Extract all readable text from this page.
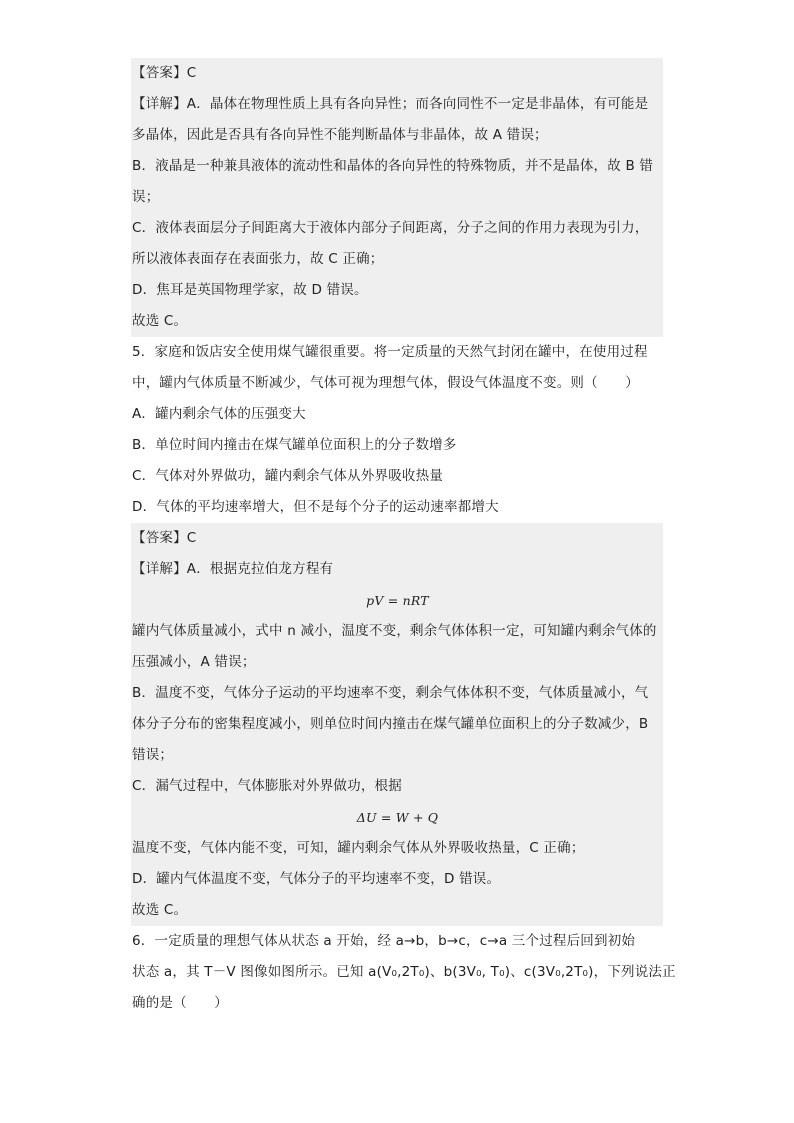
【答案】C
【详解】A．晶体在物理性质上具有各向异性；而各向同性不一定是非晶体，有可能是
多晶体，因此是否具有各向异性不能判断晶体与非晶体，故 A 错误；
B．液晶是一种兼具液体的流动性和晶体的各向异性的特殊物质，并不是晶体，故 B 错
误；
C．液体表面层分子间距离大于液体内部分子间距离，分子之间的作用力表现为引力，
所以液体表面存在表面张力，故 C 正确；
D．焦耳是英国物理学家，故 D 错误。
故选 C。
5．家庭和饭店安全使用煤气罐很重要。将一定质量的天然气封闭在罐中，在使用过程
中，罐内气体质量不断减少，气体可视为理想气体，假设气体温度不变。则（　　）
A．罐内剩余气体的压强变大
B．单位时间内撞击在煤气罐单位面积上的分子数增多
C．气体对外界做功，罐内剩余气体从外界吸收热量
D．气体的平均速率增大，但不是每个分子的运动速率都增大
【答案】C
【详解】A．根据克拉伯龙方程有
pV = nRT
罐内气体质量减小，式中 n 减小，温度不变，剩余气体体积一定，可知罐内剩余气体的
压强减小，A 错误；
B．温度不变，气体分子运动的平均速率不变，剩余气体体积不变，气体质量减小，气
体分子分布的密集程度减小，则单位时间内撞击在煤气罐单位面积上的分子数减少，B
错误；
C．漏气过程中，气体膨胀对外界做功，根据
ΔU = W + Q
温度不变，气体内能不变，可知，罐内剩余气体从外界吸收热量，C 正确；
D．罐内气体温度不变，气体分子的平均速率不变，D 错误。
故选 C。
6．一定质量的理想气体从状态 a 开始，经 a→b，b→c，c→a 三个过程后回到初始
状态 a，其 T－V 图像如图所示。已知 a(V₀,2T₀)、b(3V₀, T₀)、c(3V₀,2T₀)，下列说法正
确的是（　　）
